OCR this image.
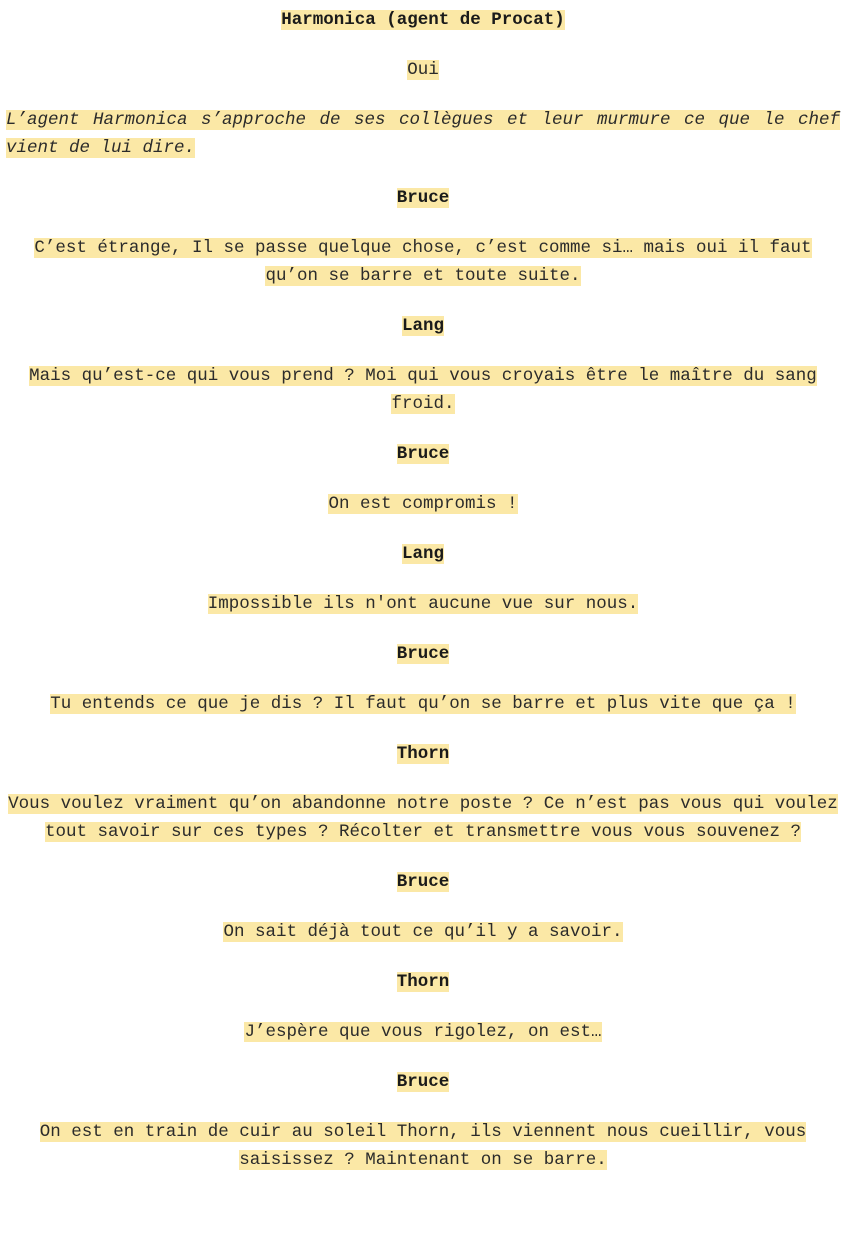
Harmonica (agent de Procat)

Oui

L’agent Harmonica s’approche de ses collègues et leur murmure ce que le chef vient de lui dire.

Bruce

C’est étrange, Il se passe quelque chose, c’est comme si… mais oui il faut qu’on se barre et toute suite.

Lang

Mais qu’est-ce qui vous prend ? Moi qui vous croyais être le maître du sang froid.

Bruce

On est compromis !

Lang

Impossible ils n'ont aucune vue sur nous.

Bruce

Tu entends ce que je dis ? Il faut qu’on se barre et plus vite que ça !

Thorn

Vous voulez vraiment qu’on abandonne notre poste ? Ce n’est pas vous qui voulez tout savoir sur ces types ? Récolter et transmettre vous vous souvenez ?

Bruce

On sait déjà tout ce qu’il y a savoir.

Thorn

J’espère que vous rigolez, on est…

Bruce

On est en train de cuir au soleil Thorn, ils viennent nous cueillir, vous saisissez ? Maintenant on se barre.
